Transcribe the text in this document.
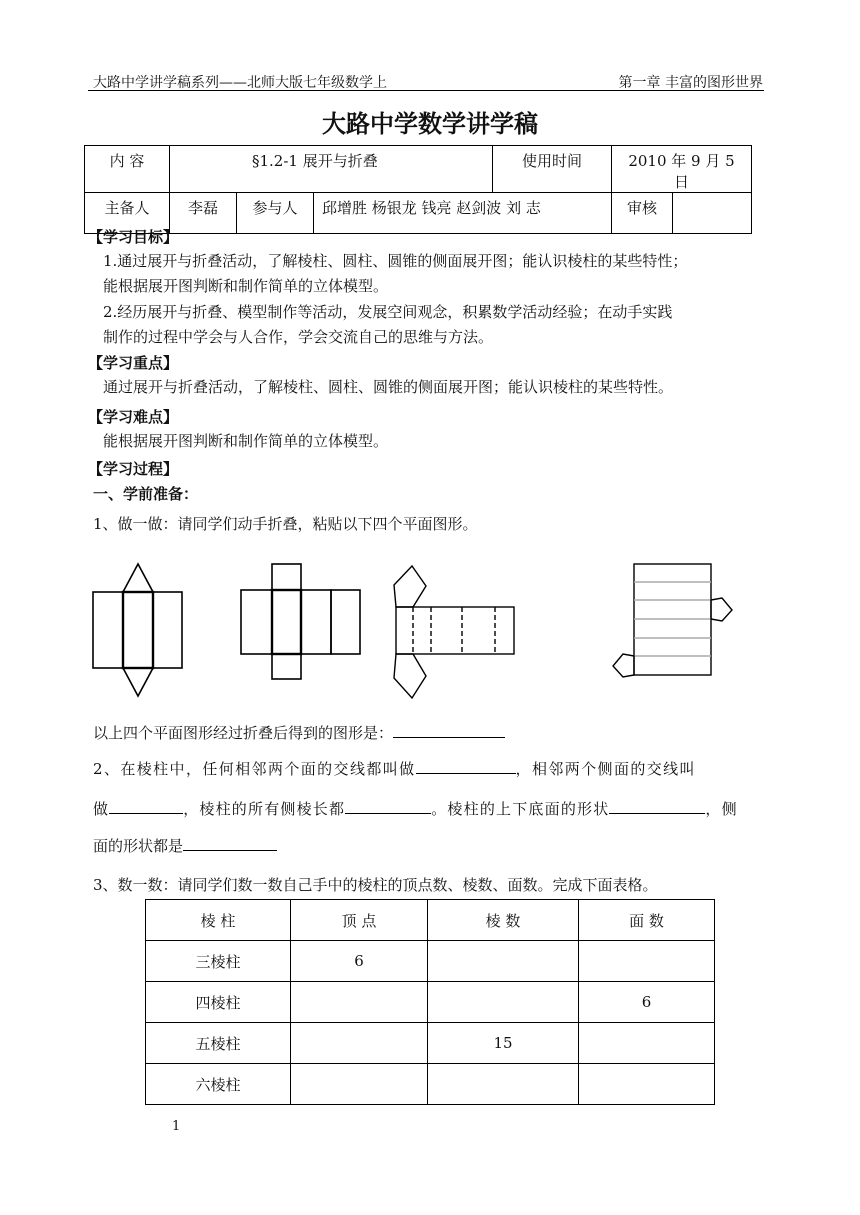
大路中学讲学稿系列——北师大版七年级数学上	第一章 丰富的图形世界
大路中学数学讲学稿
内 容	§1.2-1 展开与折叠			使用时间	2010 年 9 月 5 日	
主备人	李磊	参与人	邱增胜 杨银龙 钱亮 赵剑波 刘 志		审核	
【学习目标】
1.通过展开与折叠活动，了解棱柱、圆柱、圆锥的侧面展开图；能认识棱柱的某些特性；
能根据展开图判断和制作简单的立体模型。
2.经历展开与折叠、模型制作等活动，发展空间观念，积累数学活动经验；在动手实践
制作的过程中学会与人合作，学会交流自己的思维与方法。
【学习重点】
通过展开与折叠活动，了解棱柱、圆柱、圆锥的侧面展开图；能认识棱柱的某些特性。
【学习难点】
能根据展开图判断和制作简单的立体模型。
【学习过程】
一、学前准备：
1、做一做：请同学们动手折叠，粘贴以下四个平面图形。
以上四个平面图形经过折叠后得到的图形是：
2、在棱柱中，任何相邻两个面的交线都叫做	，相邻两个侧面的交线叫
做	，棱柱的所有侧棱长都	。棱柱的上下底面的形状	，侧
面的形状都是
3、数一数：请同学们数一数自己手中的棱柱的顶点数、棱数、面数。完成下面表格。
棱 柱	顶 点	棱 数	面 数
三棱柱	6		
四棱柱			6
五棱柱		15	
六棱柱			
1
